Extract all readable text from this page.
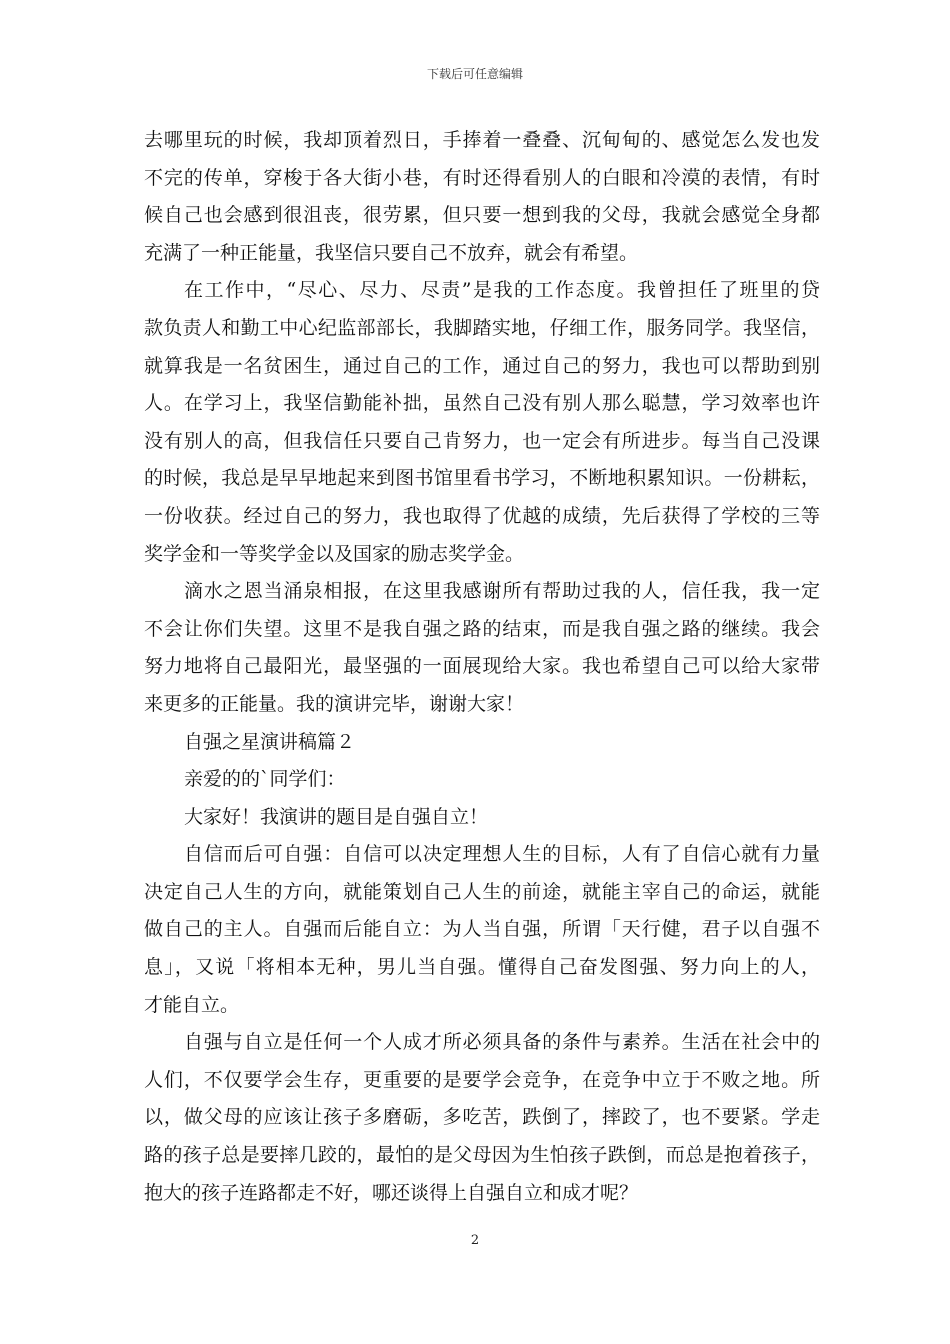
下载后可任意编辑
去哪里玩的时候，我却顶着烈日，手捧着一叠叠、沉甸甸的、感觉怎么发也发
不完的传单，穿梭于各大街小巷，有时还得看别人的白眼和冷漠的表情，有时
候自己也会感到很沮丧，很劳累，但只要一想到我的父母，我就会感觉全身都
充满了一种正能量，我坚信只要自己不放弃，就会有希望。
在工作中，“尽心、尽力、尽责”是我的工作态度。我曾担任了班里的贷
款负责人和勤工中心纪监部部长，我脚踏实地，仔细工作，服务同学。我坚信，
就算我是一名贫困生，通过自己的工作，通过自己的努力，我也可以帮助到别
人。在学习上，我坚信勤能补拙，虽然自己没有别人那么聪慧，学习效率也许
没有别人的高，但我信任只要自己肯努力，也一定会有所进步。每当自己没课
的时候，我总是早早地起来到图书馆里看书学习，不断地积累知识。一份耕耘，
一份收获。经过自己的努力，我也取得了优越的成绩，先后获得了学校的三等
奖学金和一等奖学金以及国家的励志奖学金。
滴水之恩当涌泉相报，在这里我感谢所有帮助过我的人，信任我，我一定
不会让你们失望。这里不是我自强之路的结束，而是我自强之路的继续。我会
努力地将自己最阳光，最坚强的一面展现给大家。我也希望自己可以给大家带
来更多的正能量。我的演讲完毕，谢谢大家！
自强之星演讲稿篇２
亲爱的的`同学们：
大家好！我演讲的题目是自强自立！
自信而后可自强：自信可以决定理想人生的目标，人有了自信心就有力量
决定自己人生的方向，就能策划自己人生的前途，就能主宰自己的命运，就能
做自己的主人。自强而后能自立：为人当自强，所谓「天行健，君子以自强不
息」，又说「将相本无种，男儿当自强。懂得自己奋发图强、努力向上的人，
才能自立。
自强与自立是任何一个人成才所必须具备的条件与素养。生活在社会中的
人们，不仅要学会生存，更重要的是要学会竞争，在竞争中立于不败之地。所
以，做父母的应该让孩子多磨砺，多吃苦，跌倒了，摔跤了，也不要紧。学走
路的孩子总是要摔几跤的，最怕的是父母因为生怕孩子跌倒，而总是抱着孩子，
抱大的孩子连路都走不好，哪还谈得上自强自立和成才呢？
2
